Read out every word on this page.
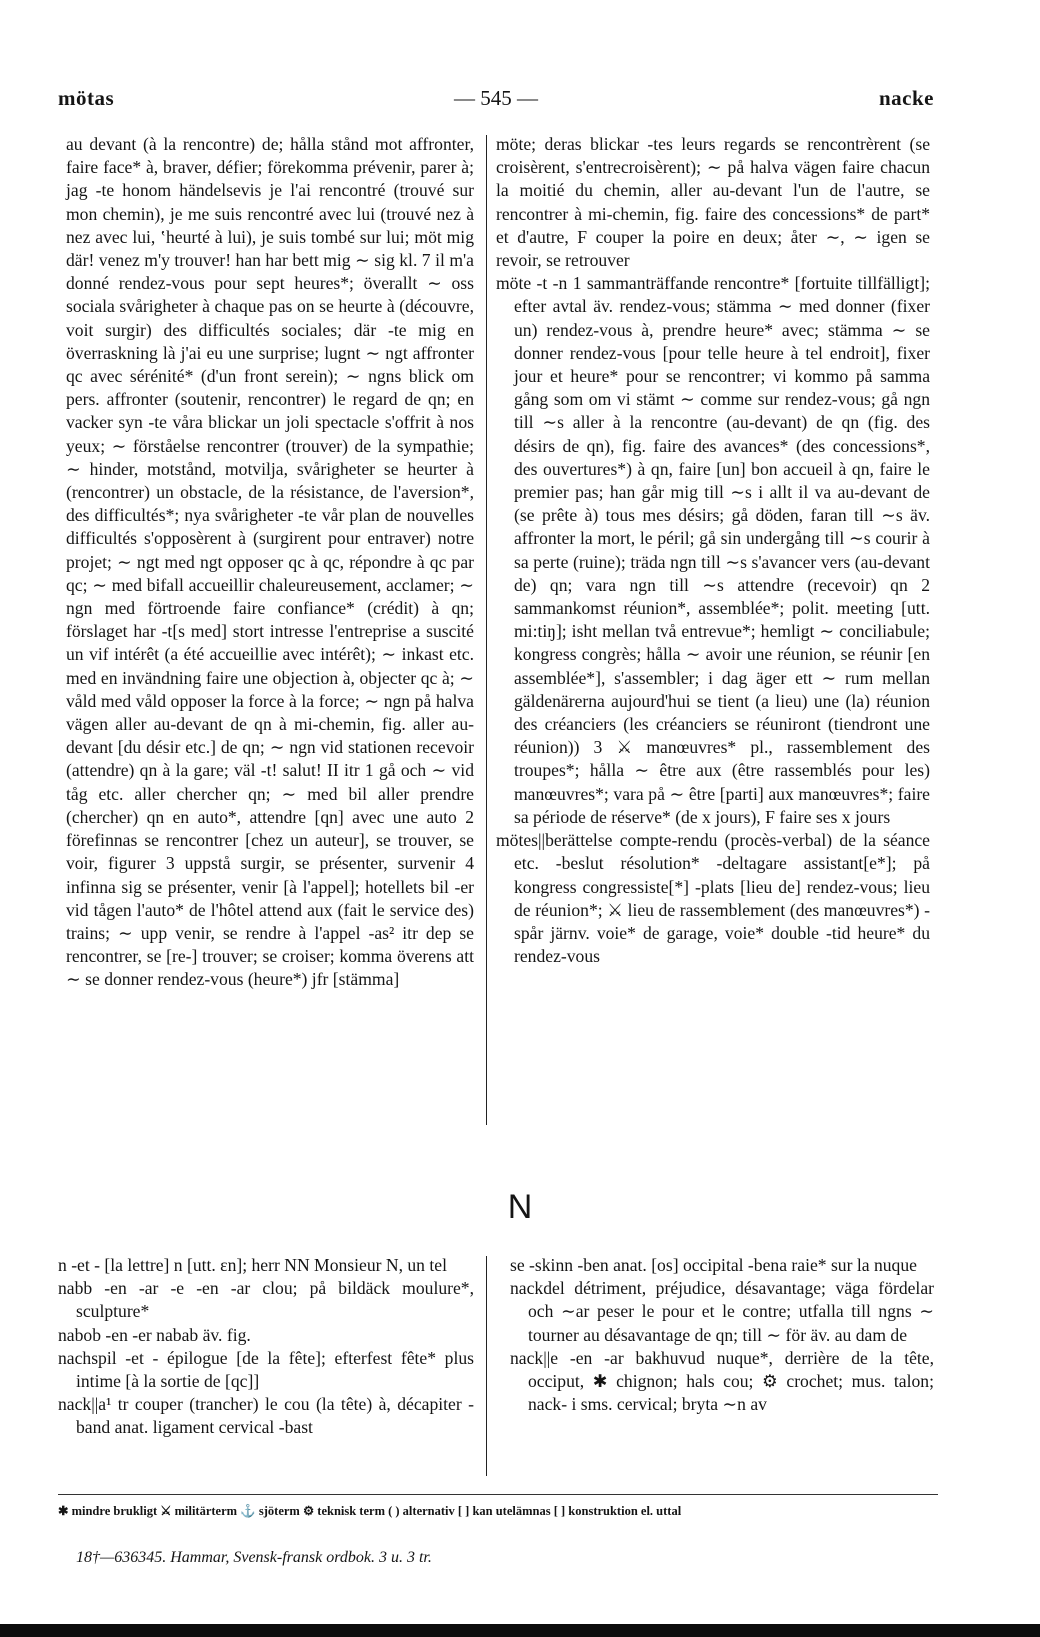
mötas	— 545 —	nacke

au devant (à la rencontre) de; hålla stånd mot affronter, faire face* à, braver, défier; förekomma prévenir, parer à; jag -te honom händelsevis je l'ai rencontré (trouvé sur mon chemin), je me suis rencontré avec lui (trouvé nez à nez avec lui, ʽheurté à lui), je suis tombé sur lui; möt mig där! venez m'y trouver! han har bett mig ∼ sig kl. 7 il m'a donné rendez-vous pour sept heures*; överallt ∼ oss sociala svårigheter à chaque pas on se heurte à (découvre, voit surgir) des difficultés sociales; där -te mig en överraskning là j'ai eu une surprise; lugnt ∼ ngt affronter qc avec sérénité* (d'un front serein); ∼ ngns blick om pers. affronter (soutenir, rencontrer) le regard de qn; en vacker syn -te våra blickar un joli spectacle s'offrit à nos yeux; ∼ förståelse rencontrer (trouver) de la sympathie; ∼ hinder, motstånd, motvilja, svårigheter se heurter à (rencontrer) un obstacle, de la résistance, de l'aversion*, des difficultés*; nya svårigheter -te vår plan de nouvelles difficultés s'opposèrent à (surgirent pour entraver) notre projet; ∼ ngt med ngt opposer qc à qc, répondre à qc par qc; ∼ med bifall accueillir chaleureusement, acclamer; ∼ ngn med förtroende faire confiance* (crédit) à qn; förslaget har -t[s med] stort intresse l'entreprise a suscité un vif intérêt (a été accueillie avec intérêt); ∼ inkast etc. med en invändning faire une objection à, objecter qc à; ∼ våld med våld opposer la force à la force; ∼ ngn på halva vägen aller au-devant de qn à mi-chemin, fig. aller au-devant [du désir etc.] de qn; ∼ ngn vid stationen recevoir (attendre) qn à la gare; väl -t! salut! II itr 1 gå och ∼ vid tåg etc. aller chercher qn; ∼ med bil aller prendre (chercher) qn en auto*, attendre [qn] avec une auto 2 förefinnas se rencontrer [chez un auteur], se trouver, se voir, figurer 3 uppstå surgir, se présenter, survenir 4 infinna sig se présenter, venir [à l'appel]; hotellets bil -er vid tågen l'auto* de l'hôtel attend aux (fait le service des) trains; ∼ upp venir, se rendre à l'appel -as² itr dep se rencontrer, se [re-] trouver; se croiser; komma överens att ∼ se donner rendez-vous (heure*) jfr [stämma]

möte; deras blickar -tes leurs regards se rencontrèrent (se croisèrent, s'entrecroisèrent); ∼ på halva vägen faire chacun la moitié du chemin, aller au-devant l'un de l'autre, se rencontrer à mi-chemin, fig. faire des concessions* de part* et d'autre, F couper la poire en deux; åter ∼, ∼ igen se revoir, se retrouver

möte -t -n 1 sammanträffande rencontre* [fortuite tillfälligt]; efter avtal äv. rendez-vous; stämma ∼ med donner (fixer un) rendez-vous à, prendre heure* avec; stämma ∼ se donner rendez-vous [pour telle heure à tel endroit], fixer jour et heure* pour se rencontrer; vi kommo på samma gång som om vi stämt ∼ comme sur rendez-vous; gå ngn till ∼s aller à la rencontre (au-devant) de qn (fig. des désirs de qn), fig. faire des avances* (des concessions*, des ouvertures*) à qn, faire [un] bon accueil à qn, faire le premier pas; han går mig till ∼s i allt il va au-devant de (se prête à) tous mes désirs; gå döden, faran till ∼s äv. affronter la mort, le péril; gå sin undergång till ∼s courir à sa perte (ruine); träda ngn till ∼s s'avancer vers (au-devant de) qn; vara ngn till ∼s attendre (recevoir) qn 2 sammankomst réunion*, assemblée*; polit. meeting [utt. mi:tiŋ]; isht mellan två entrevue*; hemligt ∼ conciliabule; kongress congrès; hålla ∼ avoir une réunion, se réunir [en assemblée*], s'assembler; i dag äger ett ∼ rum mellan gäldenärerna aujourd'hui se tient (a lieu) une (la) réunion des créanciers (les créanciers se réuniront (tiendront une réunion)) 3 ⚔ manœuvres* pl., rassemblement des troupes*; hålla ∼ être aux (être rassemblés pour les) manœuvres*; vara på ∼ être [parti] aux manœuvres*; faire sa période de réserve* (de x jours), F faire ses x jours

mötes||berättelse compte-rendu (procès-verbal) de la séance etc. -beslut résolution* -deltagare assistant[e*]; på kongress congressiste[*] -plats [lieu de] rendez-vous; lieu de réunion*; ⚔ lieu de rassemblement (des manœuvres*) -spår järnv. voie* de garage, voie* double -tid heure* du rendez-vous

N

n -et - [la lettre] n [utt. ɛn]; herr NN Monsieur N, un tel

nabb -en -ar -e -en -ar clou; på bildäck moulure*, sculpture*

nabob -en -er nabab äv. fig.

nachspil -et - épilogue [de la fête]; efterfest fête* plus intime [à la sortie de [qc]]

nack||a¹ tr couper (trancher) le cou (la tête) à, décapiter -band anat. ligament cervical -bast

se -skinn -ben anat. [os] occipital -bena raie* sur la nuque

nackdel détriment, préjudice, désavantage; väga fördelar och ∼ar peser le pour et le contre; utfalla till ngns ∼ tourner au désavantage de qn; till ∼ för äv. au dam de

nack||e -en -ar bakhuvud nuque*, derrière de la tête, occiput, ✱ chignon; hals cou; ⚙ crochet; mus. talon; nack- i sms. cervical; bryta ∼n av

✱ mindre brukligt ⚔ militärterm ⚓ sjöterm ⚙ teknisk term ( ) alternativ [ ] kan utelämnas [ ] konstruktion el. uttal
18†—636345. Hammar, Svensk-fransk ordbok. 3 u. 3 tr.
